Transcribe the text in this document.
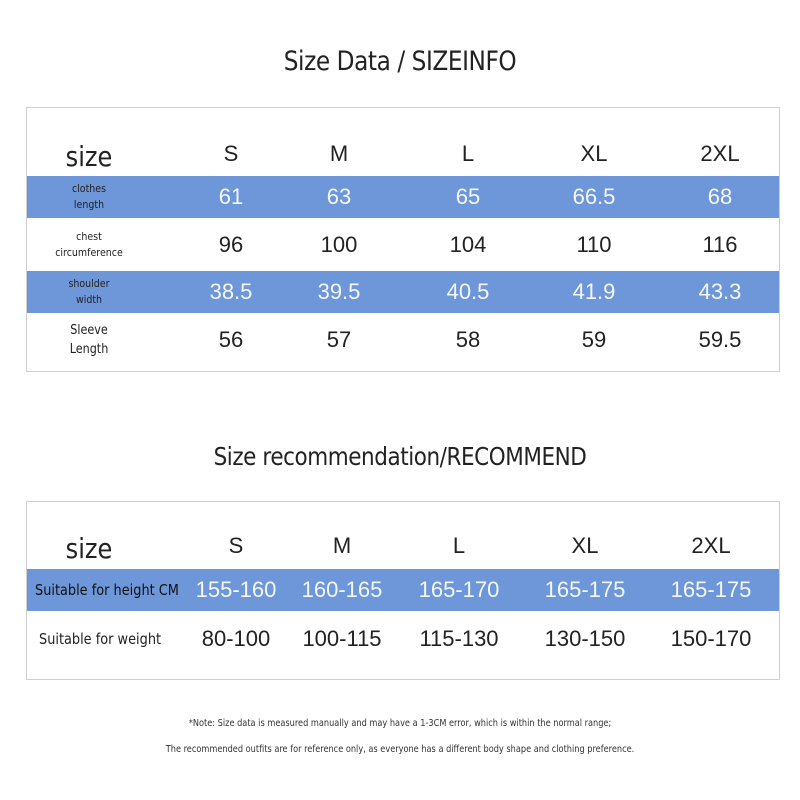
Size Data / SIZEINFO
size	S	M	L	XL	2XL
clothes
length	61	63	65	66.5	68
chest
circumference	96	100	104	110	116
shoulder
width	38.5	39.5	40.5	41.9	43.3
Sleeve
Length	56	57	58	59	59.5
Size recommendation/RECOMMEND
size	S	M	L	XL	2XL
Suitable for height CM 155-160	160-165	165-170	165-175	165-175
Suitable for weight	80-100	100-115	115-130	130-150	150-170
*Note: Size data is measured manually and may have a 1-3CM error, which is within the normal range;
The recommended outfits are for reference only, as everyone has a different body shape and clothing preference.
